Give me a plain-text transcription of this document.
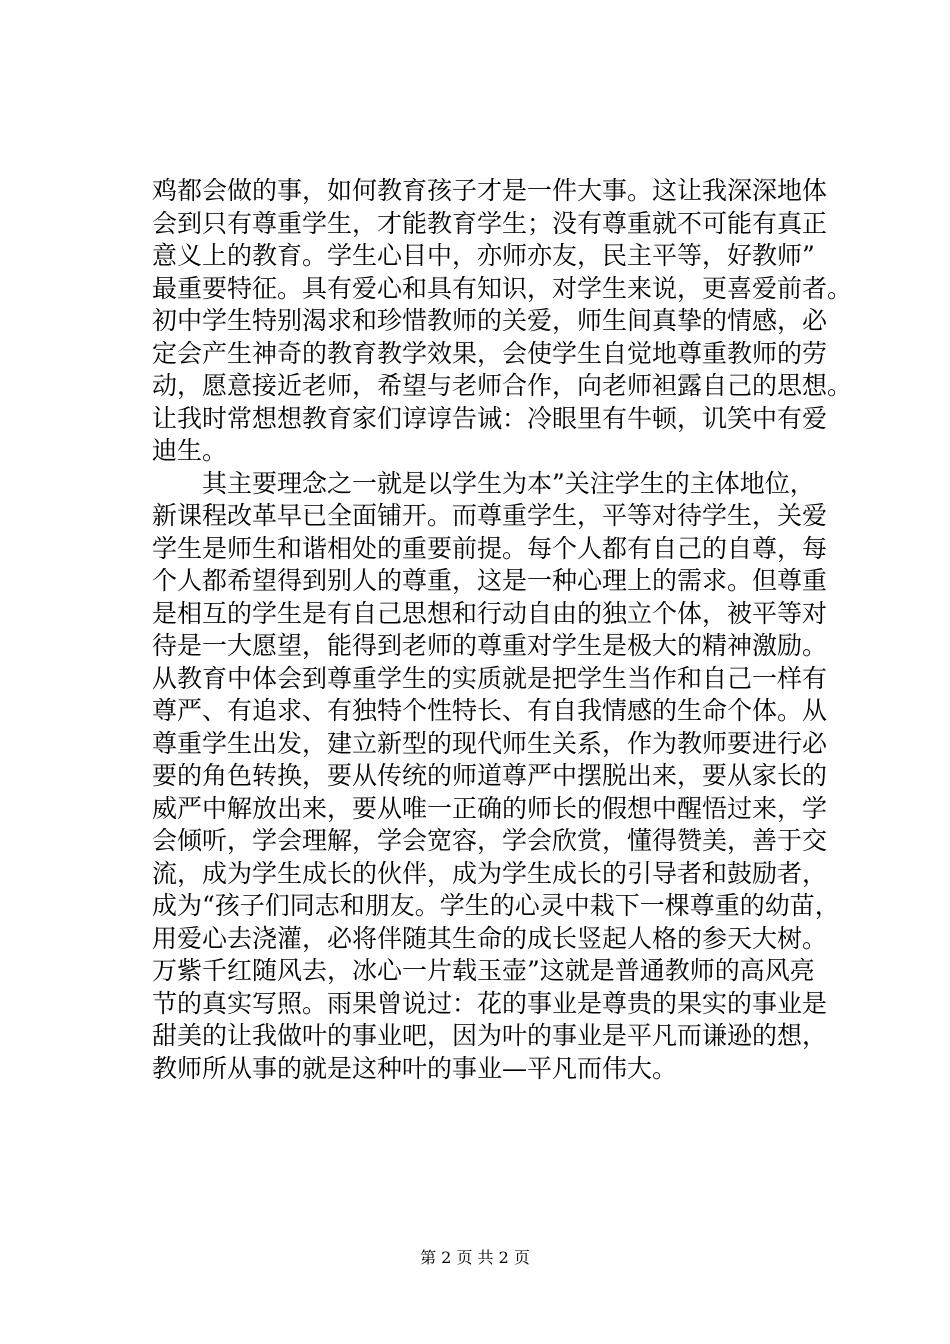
鸡都会做的事，如何教育孩子才是一件大事。这让我深深地体
会到只有尊重学生，才能教育学生；没有尊重就不可能有真正
意义上的教育。学生心目中，亦师亦友，民主平等，好教师”
最重要特征。具有爱心和具有知识，对学生来说，更喜爱前者。
初中学生特别渴求和珍惜教师的关爱，师生间真挚的情感，必
定会产生神奇的教育教学效果，会使学生自觉地尊重教师的劳
动，愿意接近老师，希望与老师合作，向老师袒露自己的思想。
让我时常想想教育家们谆谆告诫：冷眼里有牛顿，讥笑中有爱
迪生。
　　其主要理念之一就是以学生为本”关注学生的主体地位，
新课程改革早已全面铺开。而尊重学生，平等对待学生，关爱
学生是师生和谐相处的重要前提。每个人都有自己的自尊，每
个人都希望得到别人的尊重，这是一种心理上的需求。但尊重
是相互的学生是有自己思想和行动自由的独立个体，被平等对
待是一大愿望，能得到老师的尊重对学生是极大的精神激励。
从教育中体会到尊重学生的实质就是把学生当作和自己一样有
尊严、有追求、有独特个性特长、有自我情感的生命个体。从
尊重学生出发，建立新型的现代师生关系，作为教师要进行必
要的角色转换，要从传统的师道尊严中摆脱出来，要从家长的
威严中解放出来，要从唯一正确的师长的假想中醒悟过来，学
会倾听，学会理解，学会宽容，学会欣赏，懂得赞美，善于交
流，成为学生成长的伙伴，成为学生成长的引导者和鼓励者，
成为“孩子们同志和朋友。学生的心灵中栽下一棵尊重的幼苗，
用爱心去浇灌，必将伴随其生命的成长竖起人格的参天大树。
万紫千红随风去，冰心一片载玉壶”这就是普通教师的高风亮
节的真实写照。雨果曾说过：花的事业是尊贵的果实的事业是
甜美的让我做叶的事业吧，因为叶的事业是平凡而谦逊的想，
教师所从事的就是这种叶的事业—平凡而伟大。
第 2 页 共 2 页
